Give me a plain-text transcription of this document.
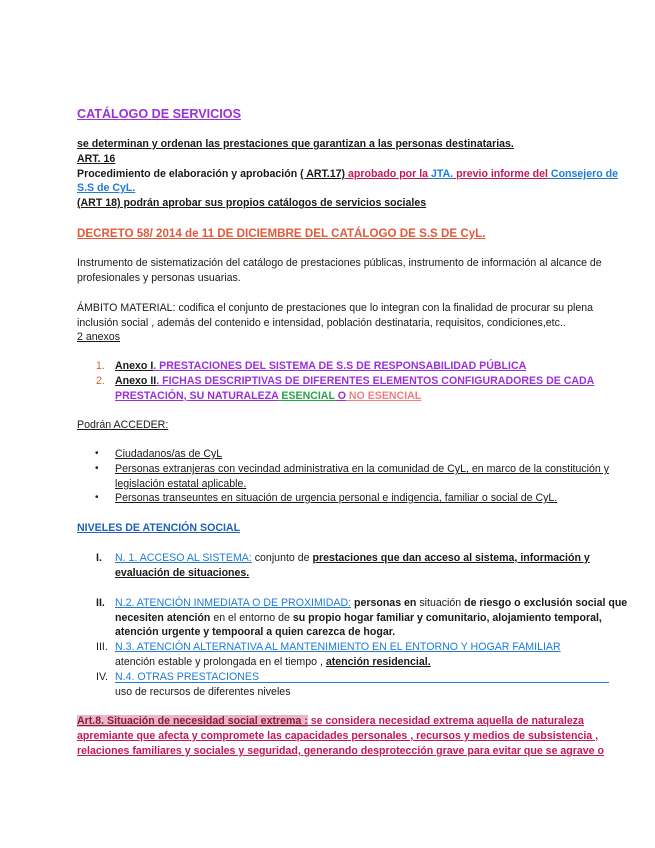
CATÁLOGO DE SERVICIOS
se determinan y ordenan las prestaciones que garantizan a las personas destinatarias.
ART. 16
Procedimiento de elaboración y aprobación ( ART.17) aprobado por la JTA. previo informe del Consejero de
S.S de CyL.
(ART 18) podrán aprobar sus propios catálogos de servicios sociales
DECRETO 58/ 2014 de 11 DE DICIEMBRE DEL CATÁLOGO DE S.S DE CyL.
Instrumento de sistematización del catálogo de prestaciones públicas, instrumento de información al alcance de
profesionales y personas usuarias.
ÁMBITO MATERIAL: codifica el conjunto de prestaciones que lo integran con la finalidad de procurar su plena
inclusión social , además del contenido e intensidad, población destinataria, requisitos, condiciones,etc..
2 anexos
1. Anexo I. PRESTACIONES DEL SISTEMA DE S.S DE RESPONSABILIDAD PÚBLICA
2. Anexo II. FICHAS DESCRIPTIVAS DE DIFERENTES ELEMENTOS CONFIGURADORES DE CADA
PRESTACIÓN, SU NATURALEZA ESENCIAL O NO ESENCIAL
Podrán ACCEDER:
• Ciudadanos/as de CyL
• Personas extranjeras con vecindad administrativa en la comunidad de CyL, en marco de la constitución y
legislación estatal aplicable.
• Personas transeuntes en situación de urgencia personal e indigencia, familiar o social de CyL.
NIVELES DE ATENCIÓN SOCIAL
I. N. 1. ACCESO AL SISTEMA: conjunto de prestaciones que dan acceso al sistema, información y
evaluación de situaciones.
II. N.2. ATENCIÓN INMEDIATA O DE PROXIMIDAD: personas en situación de riesgo o exclusión social que
necesiten atención en el entorno de su propio hogar familiar y comunitario, alojamiento temporal,
atención urgente y tempooral a quien carezca de hogar.
III. N.3. ATENCIÓN ALTERNATIVA AL MANTENIMIENTO EN EL ENTORNO Y HOGAR FAMILIAR
atención estable y prolongada en el tiempo , atención residencial.
IV. N.4. OTRAS PRESTACIONES
uso de recursos de diferentes niveles
Art.8. Situación de necesidad social extrema : se considera necesidad extrema aquella de naturaleza
apremiante que afecta y compromete las capacidades personales , recursos y medios de subsistencia ,
relaciones familiares y sociales y seguridad, generando desprotección grave para evitar que se agrave o
